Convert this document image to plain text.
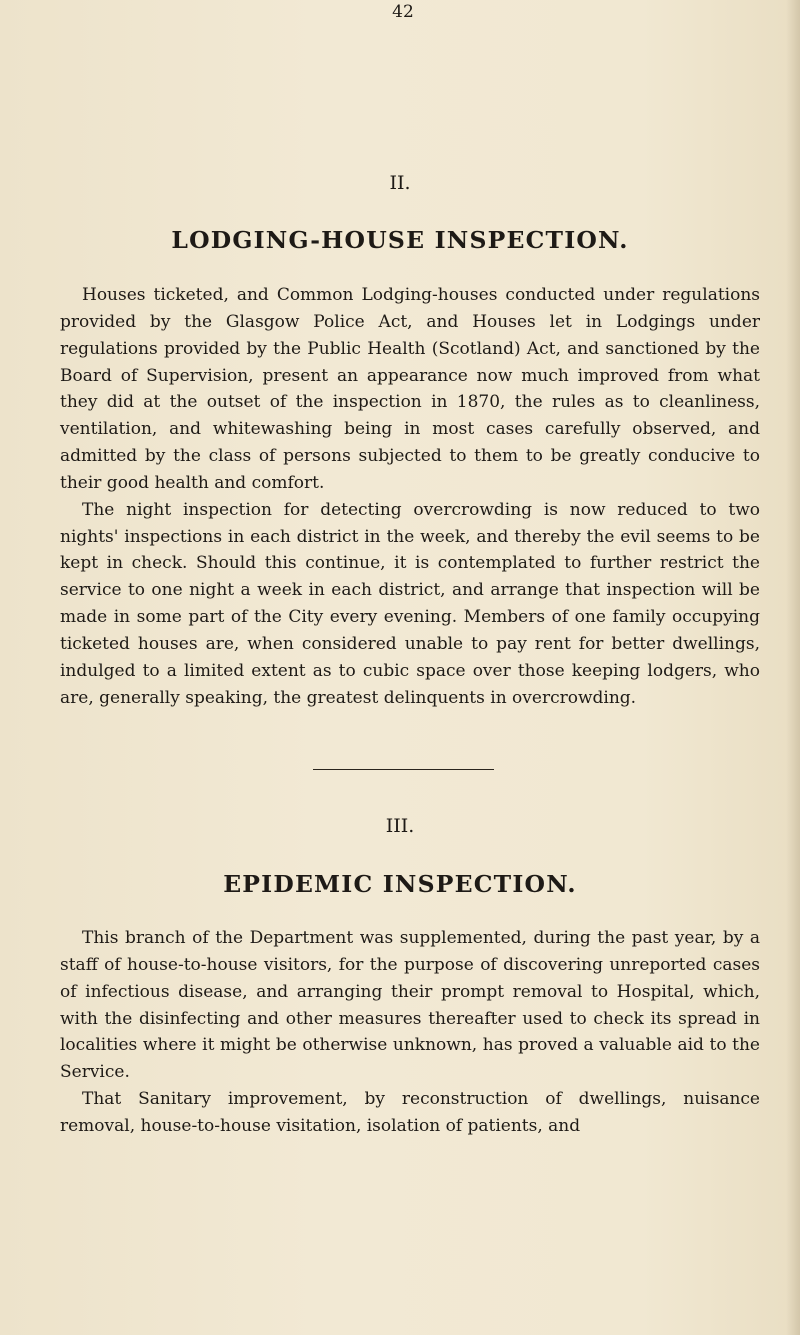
42
II.
LODGING-HOUSE INSPECTION.

Houses ticketed, and Common Lodging-houses conducted under regulations provided by the Glasgow Police Act, and Houses let in Lodgings under regulations provided by the Public Health (Scotland) Act, and sanctioned by the Board of Supervision, present an appearance now much improved from what they did at the outset of the inspection in 1870, the rules as to cleanliness, ventilation, and whitewashing being in most cases carefully observed, and admitted by the class of persons subjected to them to be greatly conducive to their good health and comfort.

The night inspection for detecting overcrowding is now reduced to two nights' inspections in each district in the week, and thereby the evil seems to be kept in check. Should this continue, it is contemplated to further restrict the service to one night a week in each district, and arrange that inspection will be made in some part of the City every evening. Members of one family occupying ticketed houses are, when considered unable to pay rent for better dwellings, indulged to a limited extent as to cubic space over those keeping lodgers, who are, generally speaking, the greatest delinquents in overcrowding.

III.
EPIDEMIC INSPECTION.

This branch of the Department was supplemented, during the past year, by a staff of house-to-house visitors, for the purpose of discovering unreported cases of infectious disease, and arranging their prompt removal to Hospital, which, with the disinfecting and other measures thereafter used to check its spread in localities where it might be otherwise unknown, has proved a valuable aid to the Service.

That Sanitary improvement, by reconstruction of dwellings, nuisance removal, house-to-house visitation, isolation of patients, and
